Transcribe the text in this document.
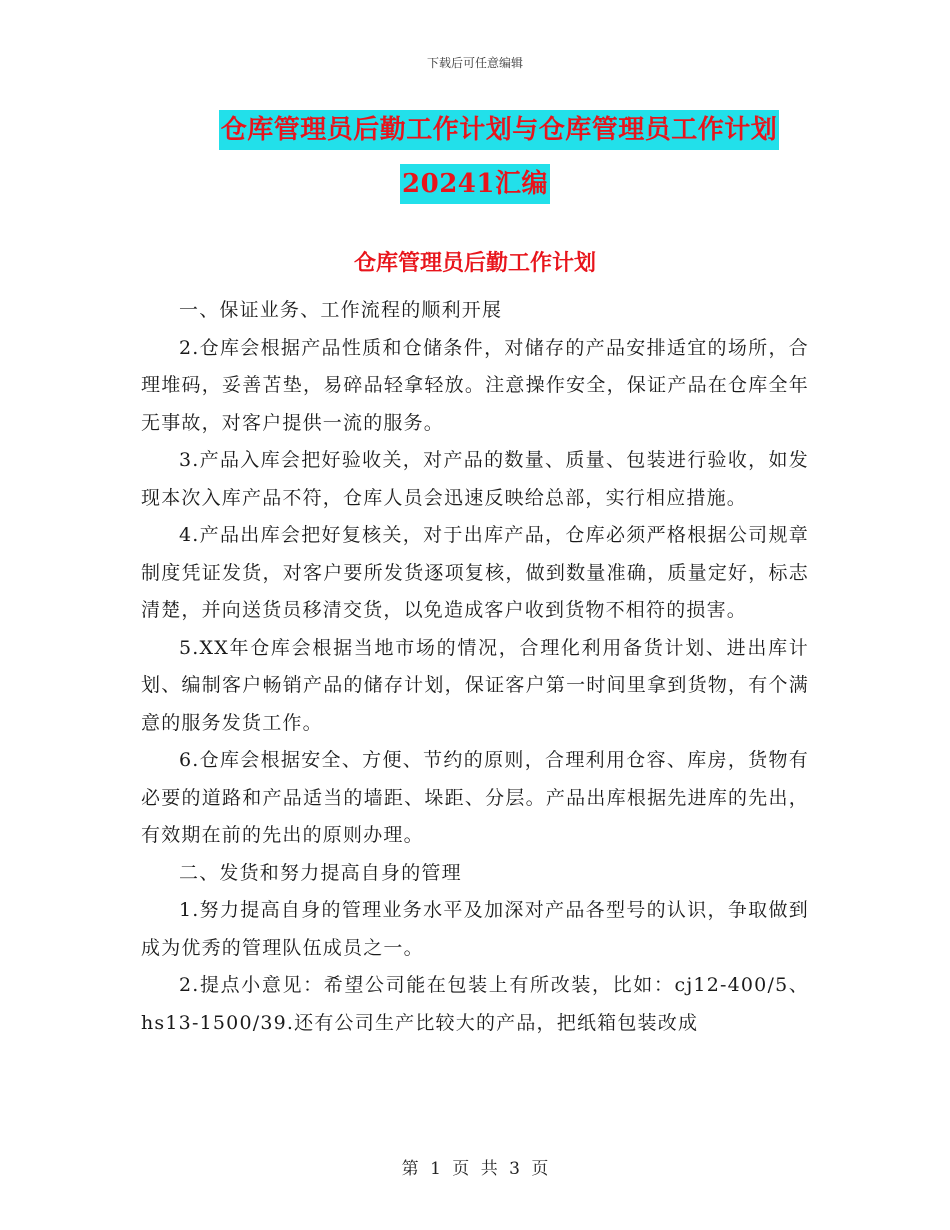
下载后可任意编辑
仓库管理员后勤工作计划与仓库管理员工作计划
20241汇编
仓库管理员后勤工作计划

一、保证业务、工作流程的顺利开展

2.仓库会根据产品性质和仓储条件，对储存的产品安排适宜的场所，合理堆码，妥善苫垫，易碎品轻拿轻放。注意操作安全，保证产品在仓库全年无事故，对客户提供一流的服务。

3.产品入库会把好验收关，对产品的数量、质量、包装进行验收，如发现本次入库产品不符，仓库人员会迅速反映给总部，实行相应措施。

4.产品出库会把好复核关，对于出库产品，仓库必须严格根据公司规章制度凭证发货，对客户要所发货逐项复核，做到数量准确，质量定好，标志清楚，并向送货员移清交货，以免造成客户收到货物不相符的损害。

5.XX年仓库会根据当地市场的情况，合理化利用备货计划、进出库计划、编制客户畅销产品的储存计划，保证客户第一时间里拿到货物，有个满意的服务发货工作。

6.仓库会根据安全、方便、节约的原则，合理利用仓容、库房，货物有必要的道路和产品适当的墙距、垛距、分层。产品出库根据先进库的先出，有效期在前的先出的原则办理。

二、发货和努力提高自身的管理

1.努力提高自身的管理业务水平及加深对产品各型号的认识，争取做到成为优秀的管理队伍成员之一。

2.提点小意见：希望公司能在包装上有所改装，比如：cj12-400/5、hs13-1500/39.还有公司生产比较大的产品，把纸箱包装改成

第 1 页 共 3 页
